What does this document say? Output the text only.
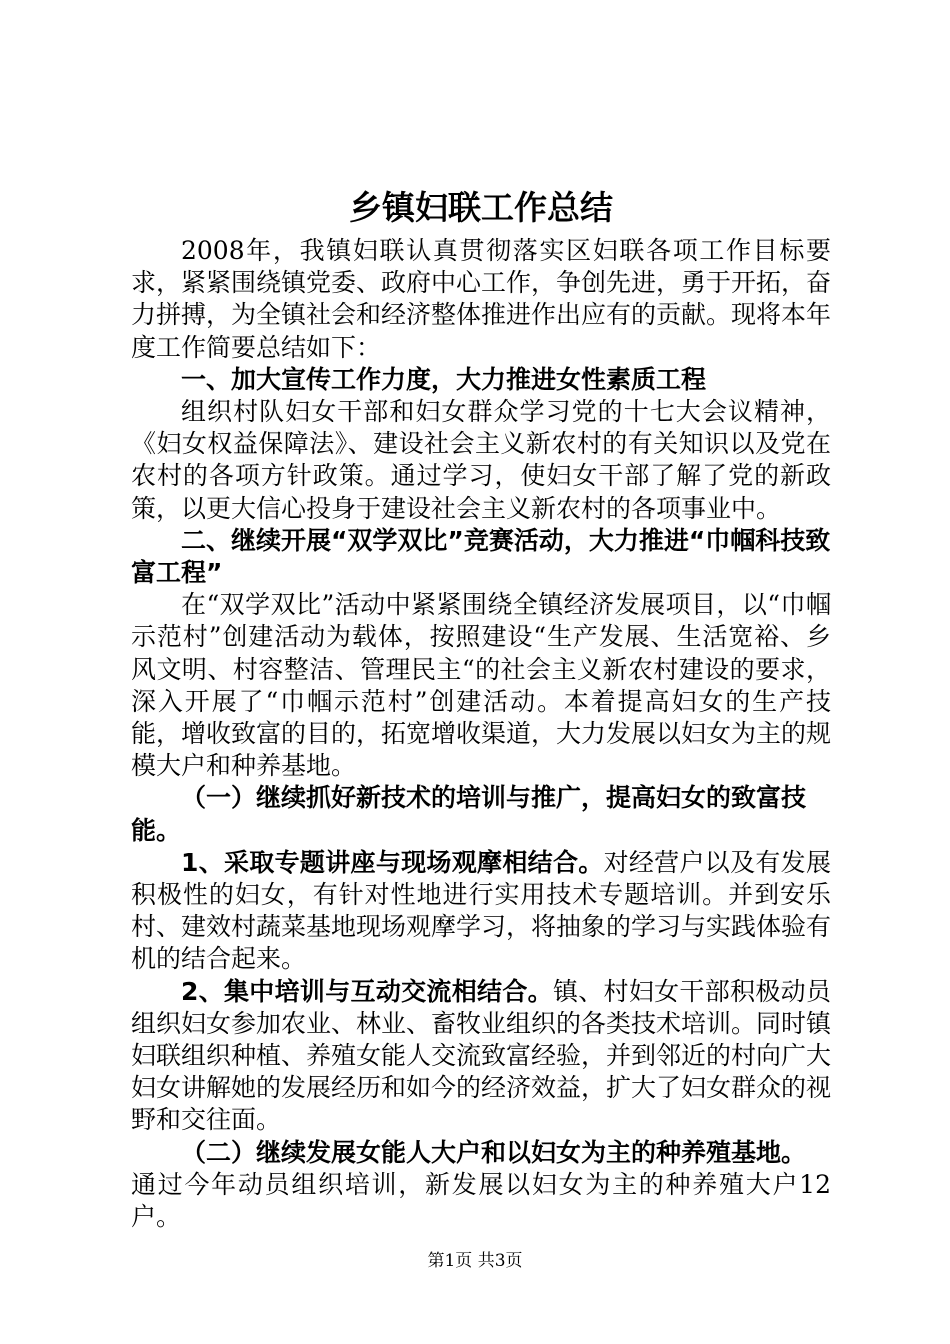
乡镇妇联工作总结

2008年，我镇妇联认真贯彻落实区妇联各项工作目标要求，紧紧围绕镇党委、政府中心工作，争创先进，勇于开拓，奋力拼搏，为全镇社会和经济整体推进作出应有的贡献。现将本年度工作简要总结如下：

一、加大宣传工作力度，大力推进女性素质工程

组织村队妇女干部和妇女群众学习党的十七大会议精神，《妇女权益保障法》、建设社会主义新农村的有关知识以及党在农村的各项方针政策。通过学习，使妇女干部了解了党的新政策，以更大信心投身于建设社会主义新农村的各项事业中。

二、继续开展“双学双比”竞赛活动，大力推进“巾帼科技致富工程”

在“双学双比”活动中紧紧围绕全镇经济发展项目，以“巾帼示范村”创建活动为载体，按照建设“生产发展、生活宽裕、乡风文明、村容整洁、管理民主“的社会主义新农村建设的要求，深入开展了“巾帼示范村”创建活动。本着提高妇女的生产技能，增收致富的目的，拓宽增收渠道，大力发展以妇女为主的规模大户和种养基地。

（一）继续抓好新技术的培训与推广，提高妇女的致富技能。

1、采取专题讲座与现场观摩相结合。对经营户以及有发展积极性的妇女，有针对性地进行实用技术专题培训。并到安乐村、建效村蔬菜基地现场观摩学习，将抽象的学习与实践体验有机的结合起来。

2、集中培训与互动交流相结合。镇、村妇女干部积极动员组织妇女参加农业、林业、畜牧业组织的各类技术培训。同时镇妇联组织种植、养殖女能人交流致富经验，并到邻近的村向广大妇女讲解她的发展经历和如今的经济效益，扩大了妇女群众的视野和交往面。

（二）继续发展女能人大户和以妇女为主的种养殖基地。

通过今年动员组织培训，新发展以妇女为主的种养殖大户12户。

第1页 共3页
